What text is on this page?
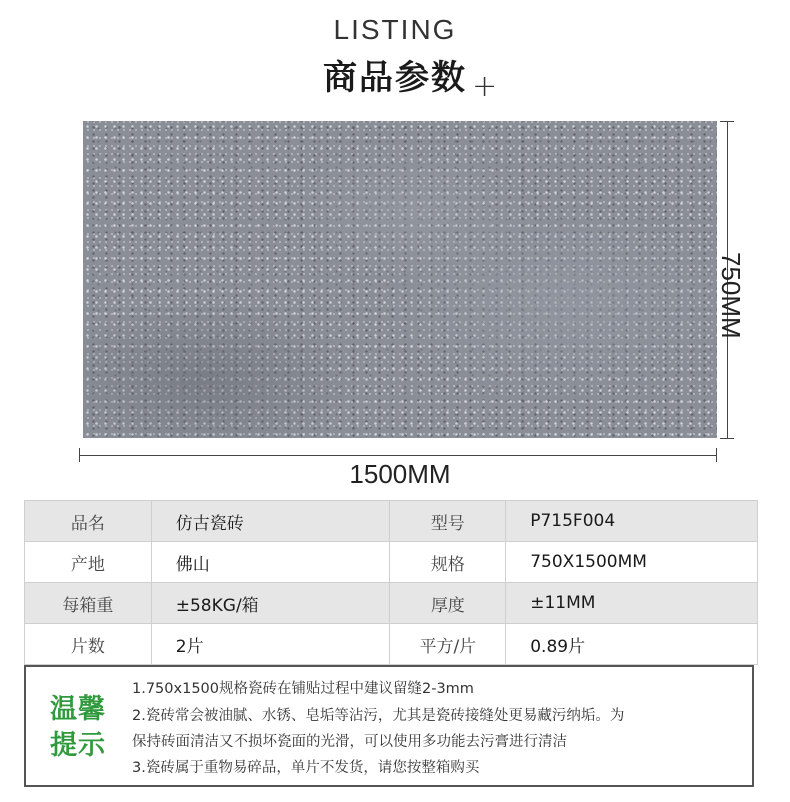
LISTING
商品参数 +
750MM
1500MM
品名	仿古瓷砖	型号	P715F004
产地	佛山	规格	750X1500MM
每箱重	±58KG/箱	厚度	±11MM
片数	2片	平方/片	0.89片
温馨
提示
1.750x1500规格瓷砖在铺贴过程中建议留缝2-3mm
2.瓷砖常会被油腻、水锈、皂垢等沾污，尤其是瓷砖接缝处更易藏污纳垢。为
保持砖面清洁又不损坏瓷面的光滑，可以使用多功能去污膏进行清洁
3.瓷砖属于重物易碎品，单片不发货，请您按整箱购买
